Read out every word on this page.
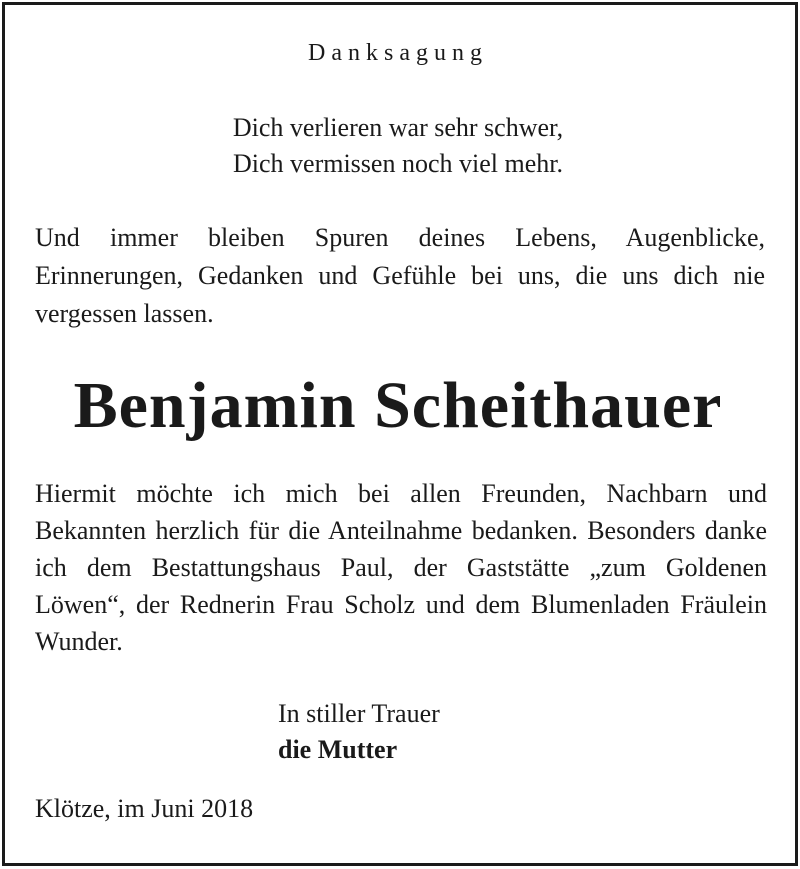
Danksagung
Dich verlieren war sehr schwer,
Dich vermissen noch viel mehr.
Und immer bleiben Spuren deines Lebens, Augenblicke, Erinnerungen, Gedanken und Gefühle bei uns, die uns dich nie vergessen lassen.
Benjamin Scheithauer
Hiermit möchte ich mich bei allen Freunden, Nachbarn und Bekannten herzlich für die Anteilnahme bedanken. Besonders danke ich dem Bestattungshaus Paul, der Gaststätte „zum Goldenen Löwen“, der Rednerin Frau Scholz und dem Blumenladen Fräulein Wunder.
In stiller Trauer
die Mutter
Klötze, im Juni 2018
